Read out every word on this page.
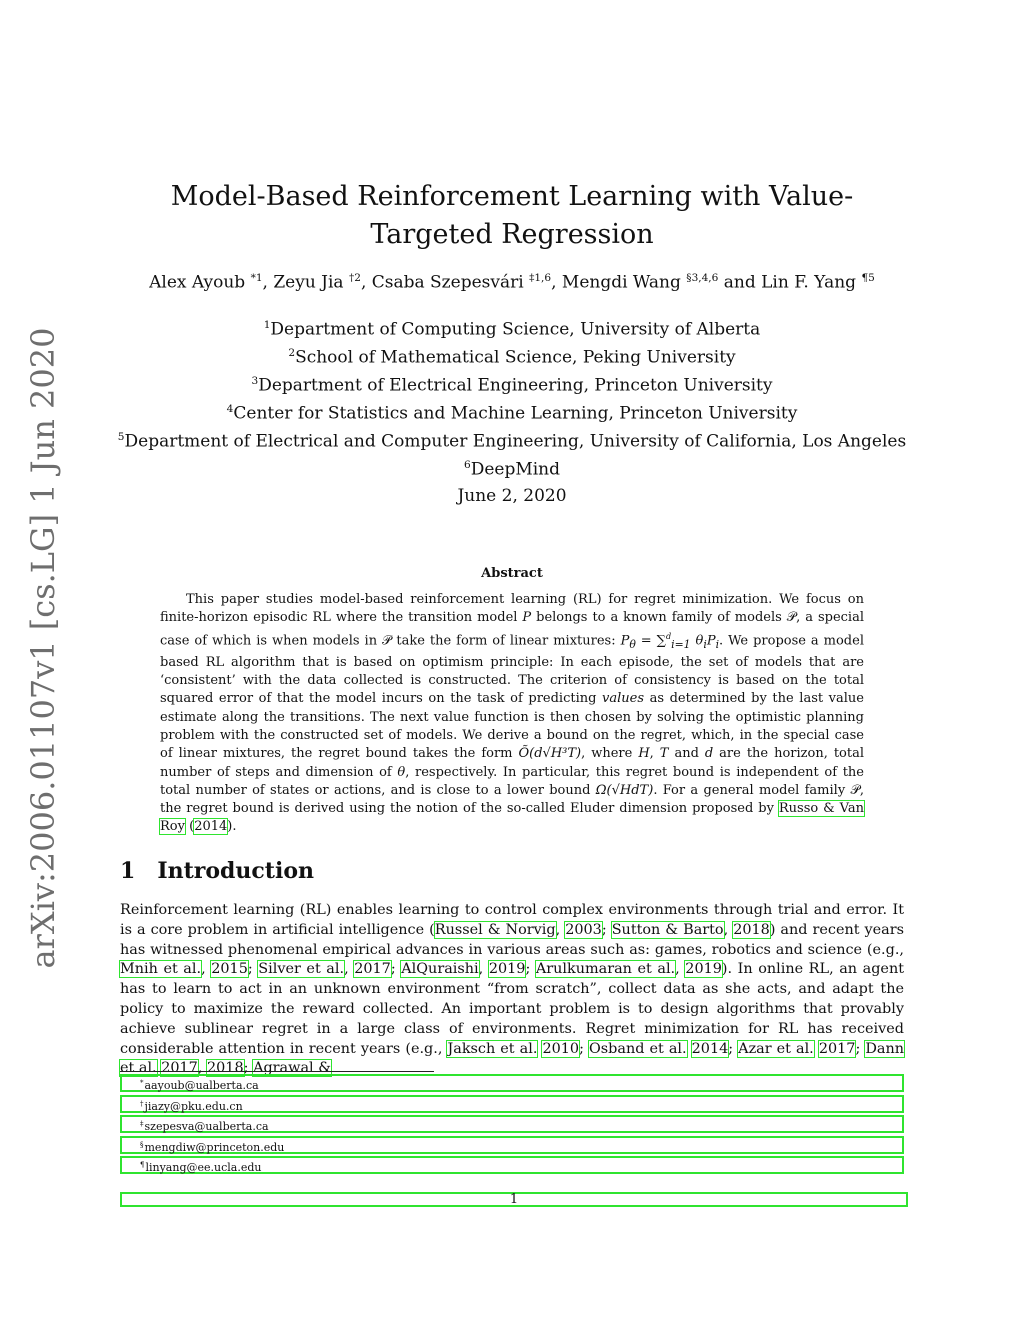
arXiv:2006.01107v1 [cs.LG] 1 Jun 2020
Model-Based Reinforcement Learning with Value-Targeted Regression
Alex Ayoub $^{*1}$, Zeyu Jia $^{\dagger 2}$, Csaba Szepesvári $^{\ddagger 1,6}$, Mengdi Wang $^{\S 3,4,6}$ and Lin F. Yang $^{\P 5}$
$^1$Department of Computing Science, University of Alberta
$^2$School of Mathematical Science, Peking University
$^3$Department of Electrical Engineering, Princeton University
$^4$Center for Statistics and Machine Learning, Princeton University
$^5$Department of Electrical and Computer Engineering, University of California, Los Angeles
$^6$DeepMind
June 2, 2020
Abstract

This paper studies model-based reinforcement learning (RL) for regret minimization. We focus on finite-horizon episodic RL where the transition model P belongs to a known family of models 𝒫, a special case of which is when models in 𝒫 take the form of linear mixtures: $P_\theta = \sum^d_{i=1}$ $\theta_iP_i$. We propose a model based RL algorithm that is based on optimism principle: In each episode, the set of models that are ‘consistent’ with the data collected is constructed. The criterion of consistency is based on the total squared error of that the model incurs on the task of predicting values as determined by the last value estimate along the transitions. The next value function is then chosen by solving the optimistic planning problem with the constructed set of models. We derive a bound on the regret, which, in the special case of linear mixtures, the regret bound takes the form Õ(d√H³T), where H, T and d are the horizon, total number of steps and dimension of θ, respectively. In particular, this regret bound is independent of the total number of states or actions, and is close to a lower bound Ω(√HdT). For a general model family 𝒫, the regret bound is derived using the notion of the so-called Eluder dimension proposed by Russo & Van Roy (2014).

1 Introduction

Reinforcement learning (RL) enables learning to control complex environments through trial and error. It is a core problem in artificial intelligence (Russel & Norvig, 2003; Sutton & Barto, 2018) and recent years has witnessed phenomenal empirical advances in various areas such as: games, robotics and science (e.g., Mnih et al., 2015; Silver et al., 2017; AlQuraishi, 2019; Arulkumaran et al., 2019). In online RL, an agent has to learn to act in an unknown environment “from scratch”, collect data as she acts, and adapt the policy to maximize the reward collected. An important problem is to design algorithms that provably achieve sublinear regret in a large class of environments. Regret minimization for RL has received considerable attention in recent years (e.g., Jaksch et al. 2010; Osband et al. 2014; Azar et al. 2017; Dann et al. 2017, 2018; Agrawal &

*aayoub@ualberta.ca
†jiazy@pku.edu.cn
‡szepesva@ualberta.ca
§mengdiw@princeton.edu
¶linyang@ee.ucla.edu
1
